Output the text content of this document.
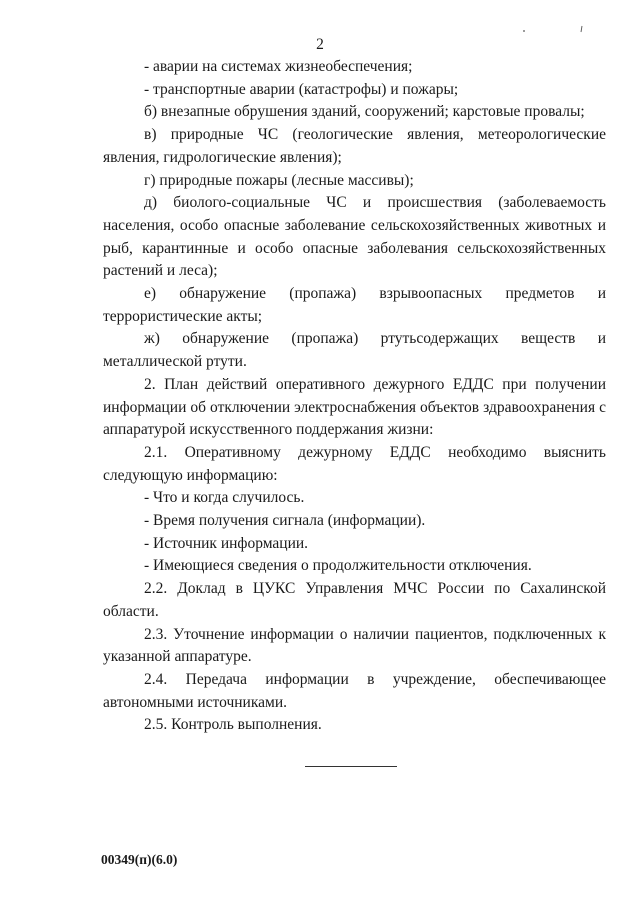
2

- аварии на системах жизнеобеспечения;

- транспортные аварии (катастрофы) и пожары;

б) внезапные обрушения зданий, сооружений; карстовые провалы;

в) природные ЧС (геологические явления, метеорологические явления, гидрологические явления);

г) природные пожары (лесные массивы);

д) биолого-социальные ЧС и происшествия (заболеваемость населения, особо опасные заболевание сельскохозяйственных животных и рыб, карантинные и особо опасные заболевания сельскохозяйственных растений и леса);

е) обнаружение (пропажа) взрывоопасных предметов и террористические акты;

ж) обнаружение (пропажа) ртутьсодержащих веществ и металлической ртути.

2. План действий оперативного дежурного ЕДДС при получении информации об отключении электроснабжения объектов здравоохранения с аппаратурой искусственного поддержания жизни:

2.1. Оперативному дежурному ЕДДС необходимо выяснить следующую информацию:

- Что и когда случилось.

- Время получения сигнала (информации).

- Источник информации.

- Имеющиеся сведения о продолжительности отключения.

2.2. Доклад в ЦУКС Управления МЧС России по Сахалинской области.

2.3. Уточнение информации о наличии пациентов, подключенных к указанной аппаратуре.

2.4. Передача информации в учреждение, обеспечивающее автономными источниками.

2.5. Контроль выполнения.

00349(п)(6.0)
